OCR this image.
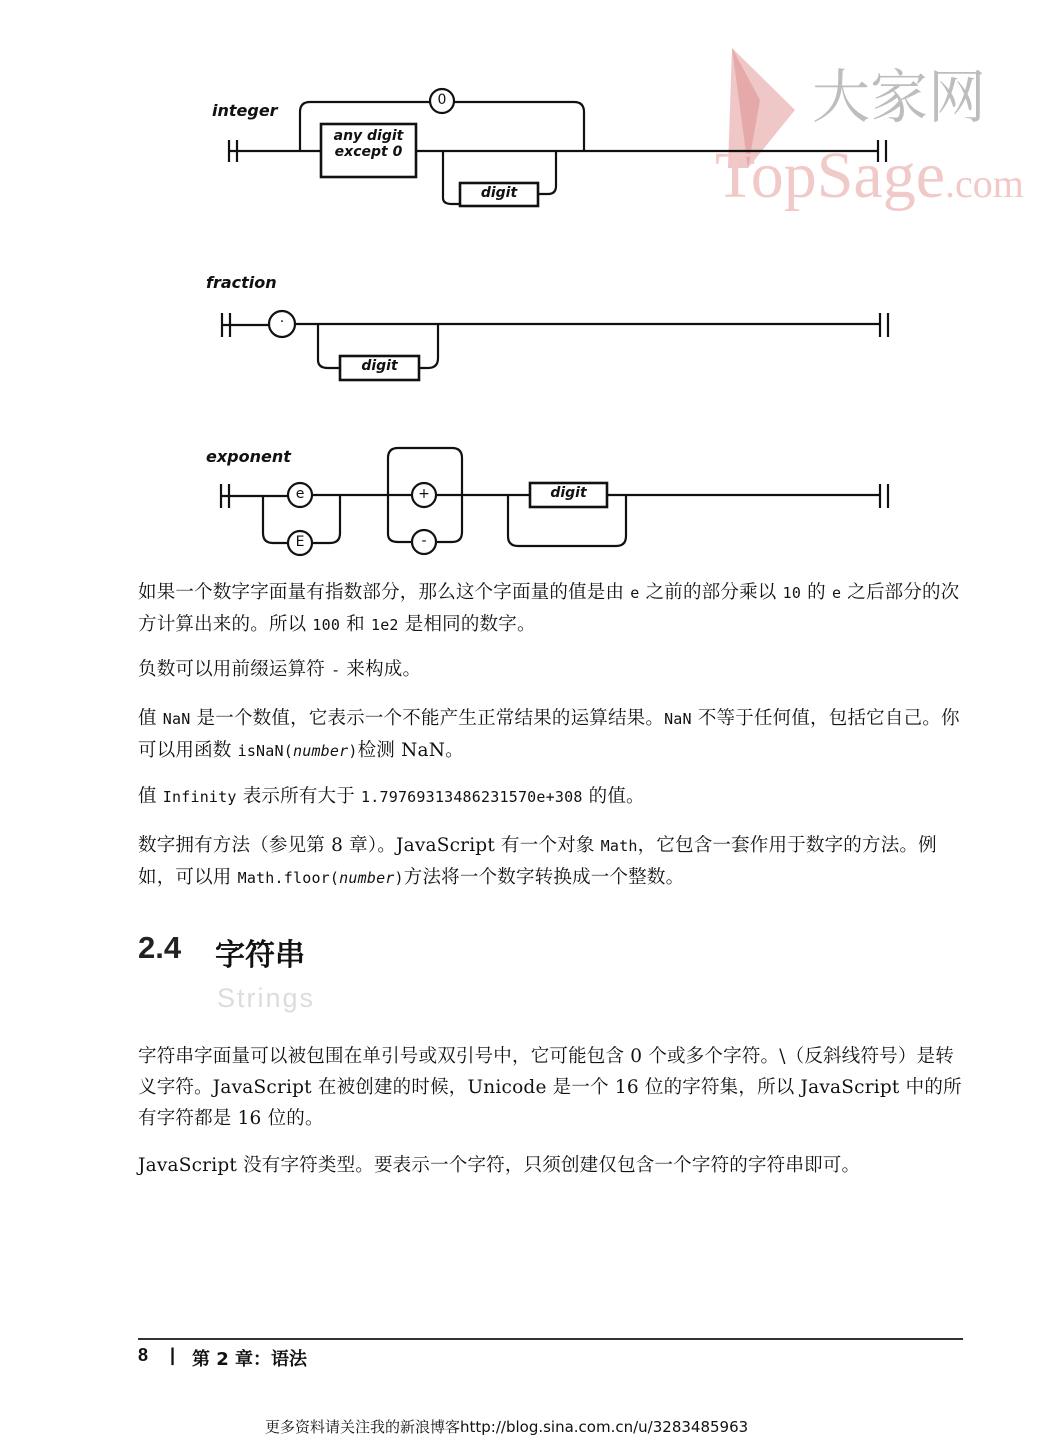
大家网
TopSage.com
integer
0
any digit
except 0
digit
fraction
·
digit
exponent
e
E
+
-
digit
如果一个数字字面量有指数部分，那么这个字面量的值是由 e 之前的部分乘以 10 的 e 之后部分的次方计算出来的。所以 100 和 1e2 是相同的数字。
负数可以用前缀运算符 - 来构成。
值 NaN 是一个数值，它表示一个不能产生正常结果的运算结果。NaN 不等于任何值，包括它自己。你可以用函数 isNaN(number)检测 NaN。
值 Infinity 表示所有大于 1.79769313486231570e+308 的值。
数字拥有方法（参见第 8 章）。JavaScript 有一个对象 Math，它包含一套作用于数字的方法。例如，可以用 Math.floor(number)方法将一个数字转换成一个整数。
2.4 字符串
Strings
字符串字面量可以被包围在单引号或双引号中，它可能包含 0 个或多个字符。\（反斜线符号）是转义字符。JavaScript 在被创建的时候，Unicode 是一个 16 位的字符集，所以 JavaScript 中的所有字符都是 16 位的。
JavaScript 没有字符类型。要表示一个字符，只须创建仅包含一个字符的字符串即可。
8 | 第 2 章：语法
更多资料请关注我的新浪博客http://blog.sina.com.cn/u/3283485963
